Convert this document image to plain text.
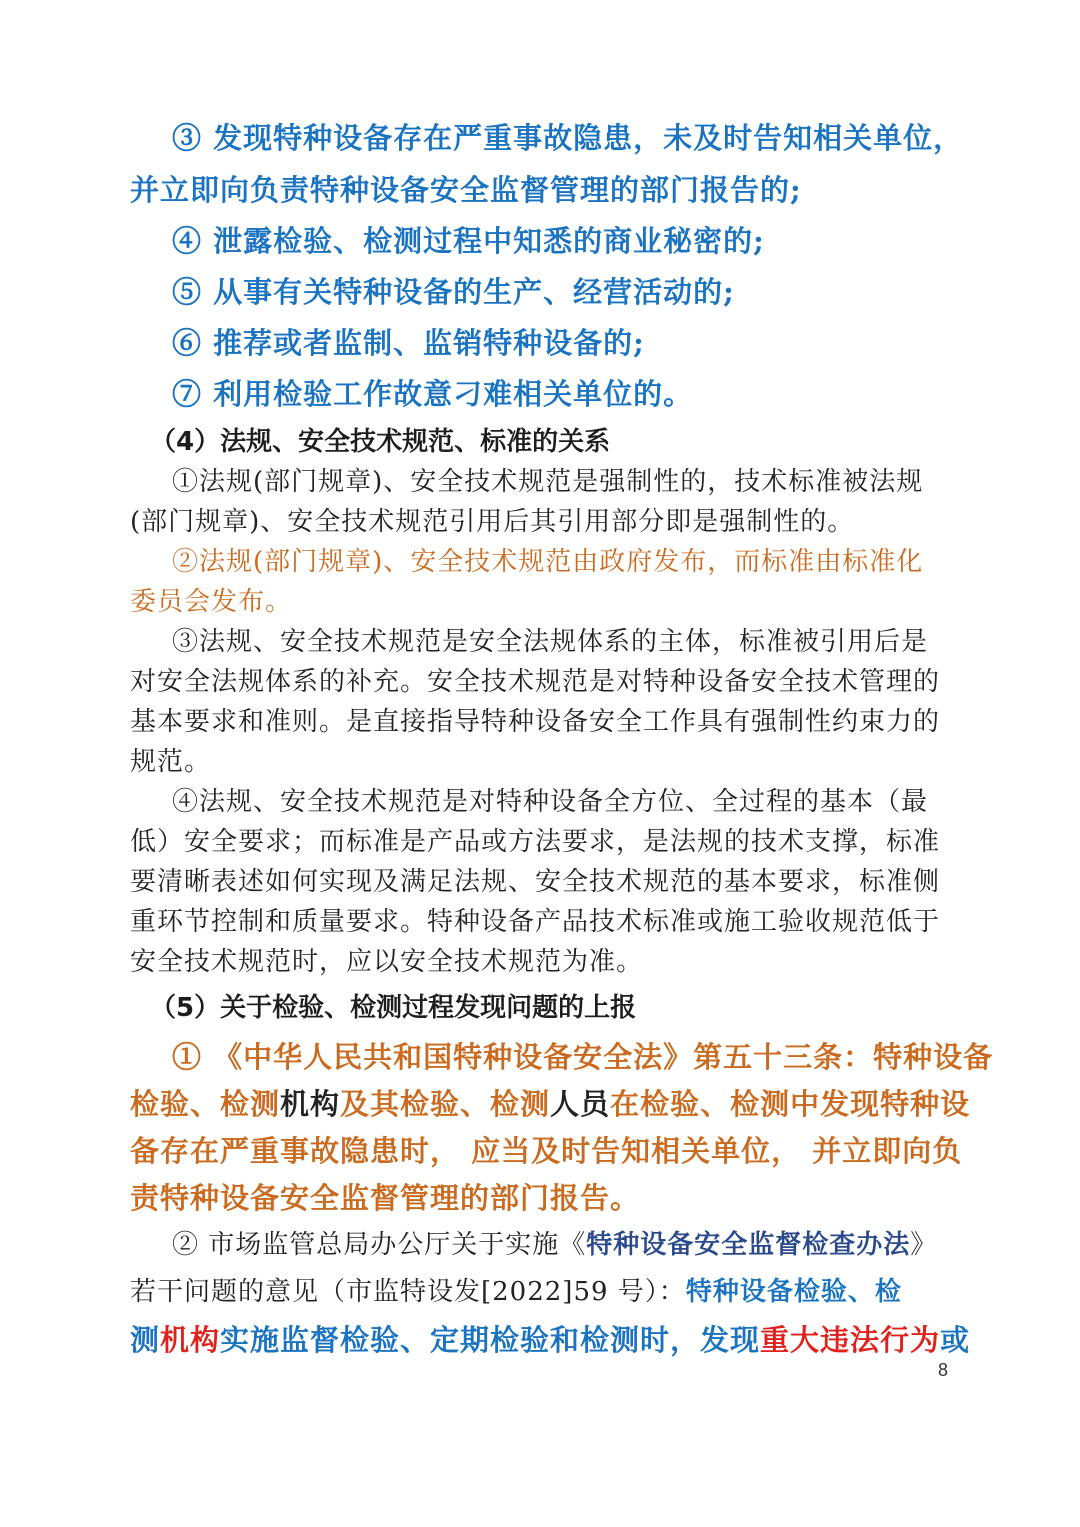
③ 发现特种设备存在严重事故隐患，未及时告知相关单位，
并立即向负责特种设备安全监督管理的部门报告的;
④ 泄露检验、检测过程中知悉的商业秘密的;
⑤ 从事有关特种设备的生产、经营活动的;
⑥ 推荐或者监制、监销特种设备的;
⑦ 利用检验工作故意刁难相关单位的。
（4）法规、安全技术规范、标准的关系
①法规(部门规章)、安全技术规范是强制性的，技术标准被法规
(部门规章)、安全技术规范引用后其引用部分即是强制性的。
②法规(部门规章)、安全技术规范由政府发布，而标准由标准化
委员会发布。
③法规、安全技术规范是安全法规体系的主体，标准被引用后是
对安全法规体系的补充。安全技术规范是对特种设备安全技术管理的
基本要求和准则。是直接指导特种设备安全工作具有强制性约束力的
规范。
④法规、安全技术规范是对特种设备全方位、全过程的基本（最
低）安全要求；而标准是产品或方法要求，是法规的技术支撑，标准
要清晰表述如何实现及满足法规、安全技术规范的基本要求，标准侧
重环节控制和质量要求。特种设备产品技术标准或施工验收规范低于
安全技术规范时，应以安全技术规范为准。
（5）关于检验、检测过程发现问题的上报
① 《中华人民共和国特种设备安全法》第五十三条：特种设备
检验、检测机构及其检验、检测人员在检验、检测中发现特种设
备存在严重事故隐患时， 应当及时告知相关单位， 并立即向负
责特种设备安全监督管理的部门报告。
② 市场监管总局办公厅关于实施《特种设备安全监督检查办法》
若干问题的意见（市监特设发[2022]59 号）：特种设备检验、检
测机构实施监督检验、定期检验和检测时，发现重大违法行为或
8
